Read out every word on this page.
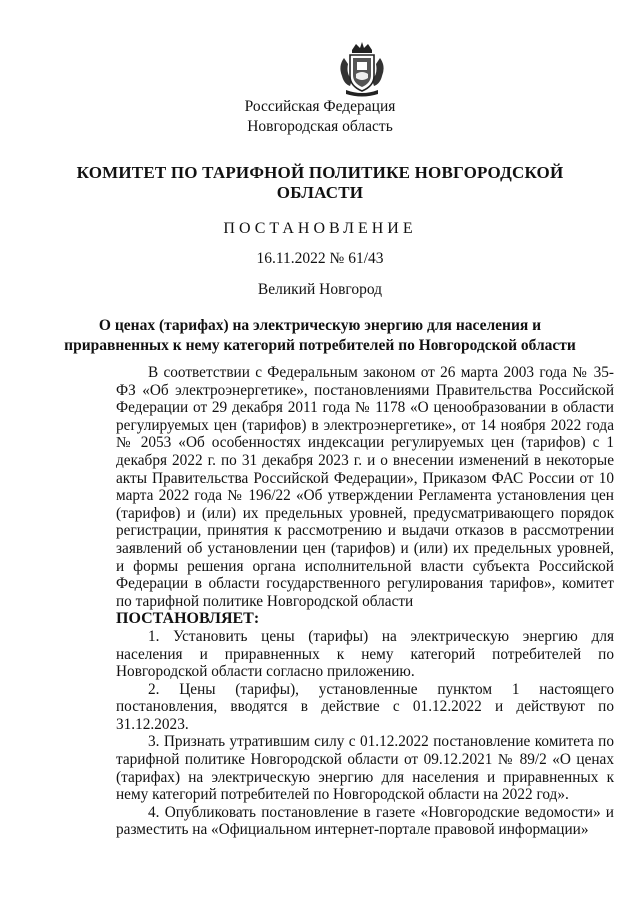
Российская Федерация
Новгородская область
КОМИТЕТ ПО ТАРИФНОЙ ПОЛИТИКЕ НОВГОРОДСКОЙ
ОБЛАСТИ
ПОСТАНОВЛЕНИЕ
16.11.2022 № 61/43
Великий Новгород
О ценах (тарифах) на электрическую энергию для населения и
приравненных к нему категорий потребителей по Новгородской области

В соответствии с Федеральным законом от 26 марта 2003 года № 35-ФЗ «Об электроэнергетике», постановлениями Правительства Российской Федерации от 29 декабря 2011 года № 1178 «О ценообразовании в области регулируемых цен (тарифов) в электроэнергетике», от 14 ноября 2022 года № 2053 «Об особенностях индексации регулируемых цен (тарифов) с 1 декабря 2022 г. по 31 декабря 2023 г. и о внесении изменений в некоторые акты Правительства Российской Федерации», Приказом ФАС России от 10 марта 2022 года № 196/22 «Об утверждении Регламента установления цен (тарифов) и (или) их предельных уровней, предусматривающего порядок регистрации, принятия к рассмотрению и выдачи отказов в рассмотрении заявлений об установлении цен (тарифов) и (или) их предельных уровней, и формы решения органа исполнительной власти субъекта Российской Федерации в области государственного регулирования тарифов», комитет по тарифной политике Новгородской области

ПОСТАНОВЛЯЕТ:

1. Установить цены (тарифы) на электрическую энергию для населения и приравненных к нему категорий потребителей по Новгородской области согласно приложению.

2. Цены (тарифы), установленные пунктом 1 настоящего постановления, вводятся в действие с 01.12.2022 и действуют по 31.12.2023.

3. Признать утратившим силу с 01.12.2022 постановление комитета по тарифной политике Новгородской области от 09.12.2021 № 89/2 «О ценах (тарифах) на электрическую энергию для населения и приравненных к нему категорий потребителей по Новгородской области на 2022 год».

4. Опубликовать постановление в газете «Новгородские ведомости» и разместить на «Официальном интернет-портале правовой информации»
